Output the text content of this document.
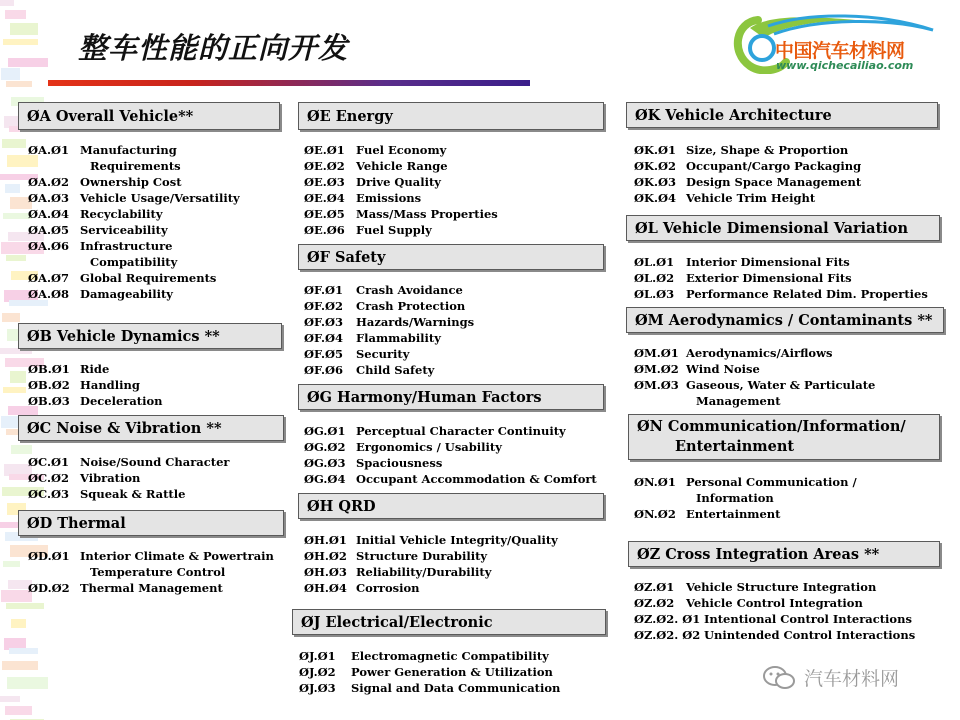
整车性能的正向开发	中国汽车材料网
www.qichecailiao.com
ØA Overall Vehicle**
ØA.Ø1 Manufacturing
Requirements
ØA.Ø2 Ownership Cost
ØA.Ø3 Vehicle Usage/Versatility
ØA.Ø4 Recyclability
ØA.Ø5 Serviceability
ØA.Ø6 Infrastructure
Compatibility
ØA.Ø7 Global Requirements
ØA.Ø8 Damageability
ØB Vehicle Dynamics **
ØB.Ø1 Ride
ØB.Ø2 Handling
ØB.Ø3 Deceleration
ØC Noise & Vibration **
ØC.Ø1 Noise/Sound Character
ØC.Ø2 Vibration
ØC.Ø3 Squeak & Rattle
ØD Thermal
ØD.Ø1 Interior Climate & Powertrain
Temperature Control
ØD.Ø2 Thermal Management
ØE Energy
ØE.Ø1 Fuel Economy
ØE.Ø2 Vehicle Range
ØE.Ø3 Drive Quality
ØE.Ø4 Emissions
ØE.Ø5 Mass/Mass Properties
ØE.Ø6 Fuel Supply
ØF Safety
ØF.Ø1	Crash Avoidance
ØF.Ø2	Crash Protection
ØF.Ø3	Hazards/Warnings
ØF.Ø4	Flammability
ØF.Ø5	Security
ØF.Ø6	Child Safety
ØG Harmony/Human Factors
ØG.Ø1 Perceptual Character Continuity
ØG.Ø2 Ergonomics / Usability
ØG.Ø3 Spaciousness
ØG.Ø4 Occupant Accommodation & Comfort
ØH QRD
ØH.Ø1 Initial Vehicle Integrity/Quality
ØH.Ø2 Structure Durability
ØH.Ø3 Reliability/Durability
ØH.Ø4 Corrosion
ØJ Electrical/Electronic
ØJ.Ø1	Electromagnetic Compatibility
ØJ.Ø2	Power Generation & Utilization
ØJ.Ø3	Signal and Data Communication
ØK Vehicle Architecture
ØK.Ø1 Size, Shape & Proportion
ØK.Ø2 Occupant/Cargo Packaging
ØK.Ø3 Design Space Management
ØK.Ø4 Vehicle Trim Height
ØL Vehicle Dimensional Variation
ØL.Ø1	Interior Dimensional Fits
ØL.Ø2	Exterior Dimensional Fits
ØL.Ø3	Performance Related Dim. Properties
ØM Aerodynamics / Contaminants **
ØM.Ø1 Aerodynamics/Airflows
ØM.Ø2 Wind Noise
ØM.Ø3 Gaseous, Water & Particulate
Management
ØN Communication/Information/
Entertainment
ØN.Ø1 Personal Communication /
Information
ØN.Ø2 Entertainment
ØZ Cross Integration Areas **
ØZ.Ø1	Vehicle Structure Integration
ØZ.Ø2	Vehicle Control Integration
ØZ.Ø2. Ø1 Intentional Control Interactions
ØZ.Ø2. Ø2 Unintended Control Interactions
汽车材料网
